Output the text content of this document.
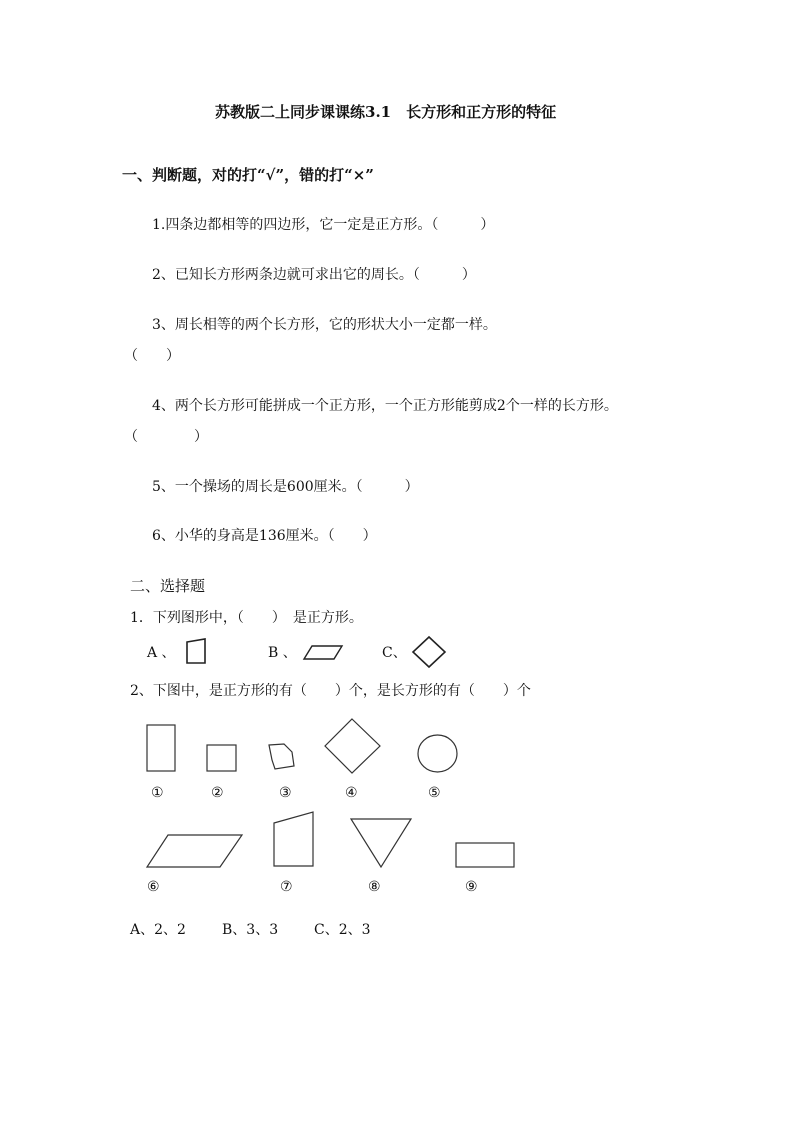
苏教版二上同步课课练3.1　长方形和正方形的特征
一、判断题，对的打“√”，错的打“×”
1.四条边都相等的四边形，它一定是正方形。（　　　）
2、已知长方形两条边就可求出它的周长。（　　　）
3、周长相等的两个长方形，它的形状大小一定都一样。
（　　）
4、两个长方形可能拼成一个正方形，一个正方形能剪成2个一样的长方形。
（　　　　）
5、一个操场的周长是600厘米。（　　　）
6、小华的身高是136厘米。（　　）
二、选择题
1．下列图形中，（　　）　是正方形。
A 、	B 、	C、
2、下图中，是正方形的有（　　）个，是长方形的有（　　）个
①	②	③	④	⑤
⑥	⑦	⑧	⑨
A、2、2	B、3、3	C、2、3
